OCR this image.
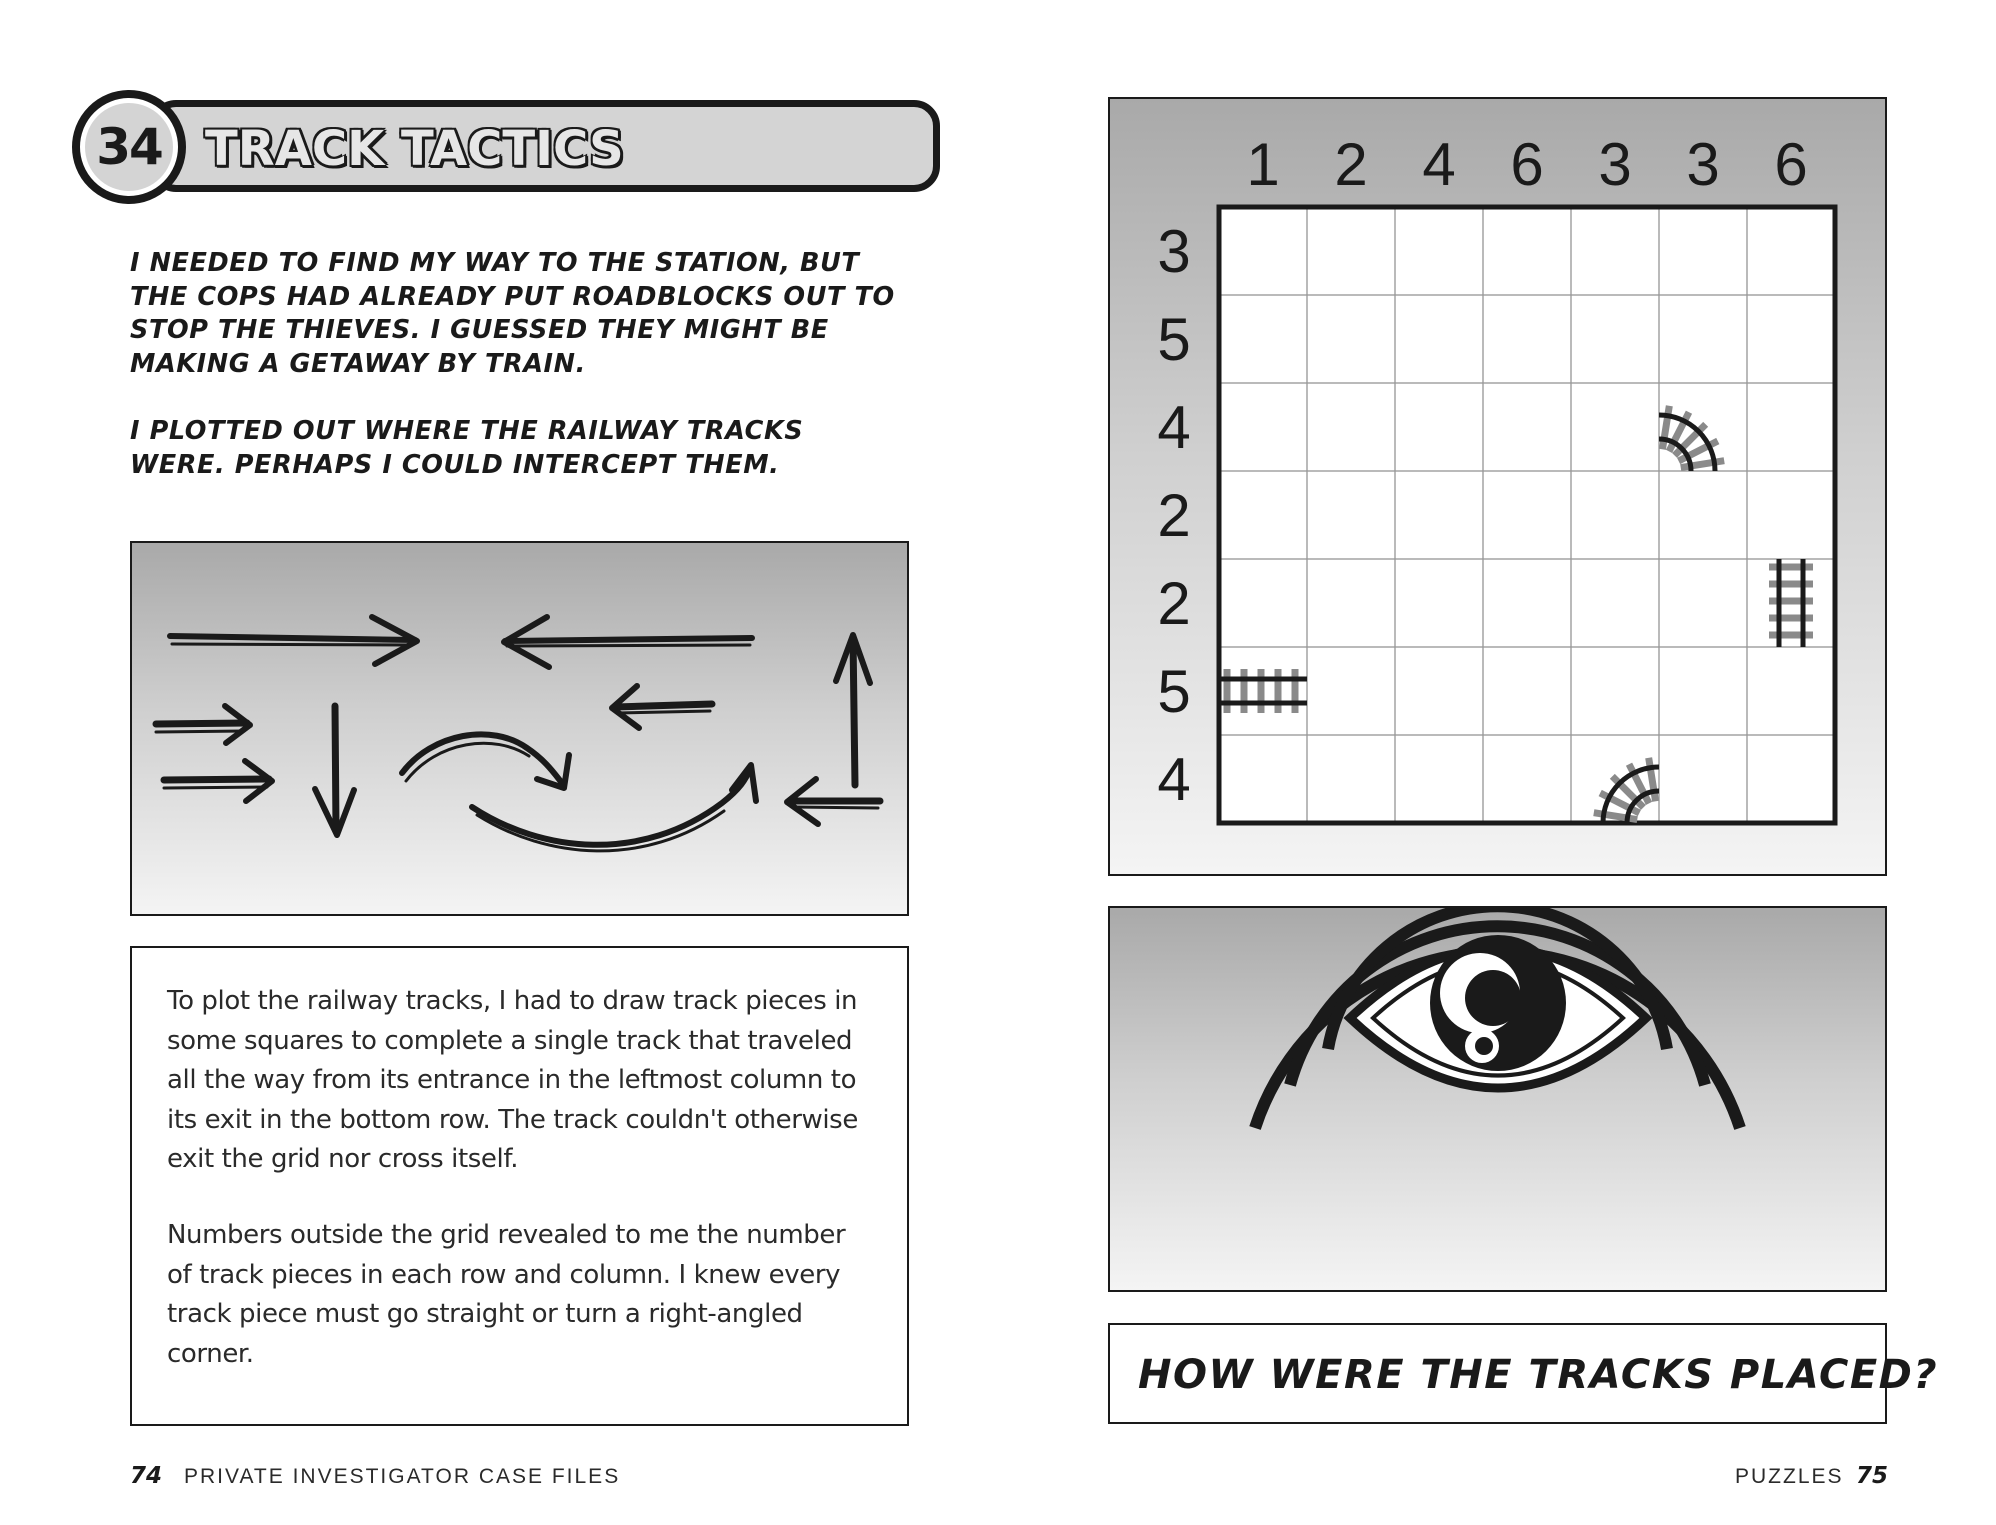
34 TRACK TACTICS
I NEEDED TO FIND MY WAY TO THE STATION, BUT THE COPS HAD ALREADY PUT ROADBLOCKS OUT TO STOP THE THIEVES. I GUESSED THEY MIGHT BE MAKING A GETAWAY BY TRAIN.
I PLOTTED OUT WHERE THE RAILWAY TRACKS WERE. PERHAPS I COULD INTERCEPT THEM.
To plot the railway tracks, I had to draw track pieces in some squares to complete a single track that traveled all the way from its entrance in the leftmost column to its exit in the bottom row. The track couldn't otherwise exit the grid nor cross itself.
Numbers outside the grid revealed to me the number of track pieces in each row and column. I knew every track piece must go straight or turn a right-angled corner.
74 PRIVATE INVESTIGATOR CASE FILES
1 2 4 6 3 3 6
3
5
4
2
2
5
4
HOW WERE THE TRACKS PLACED?
PUZZLES 75
